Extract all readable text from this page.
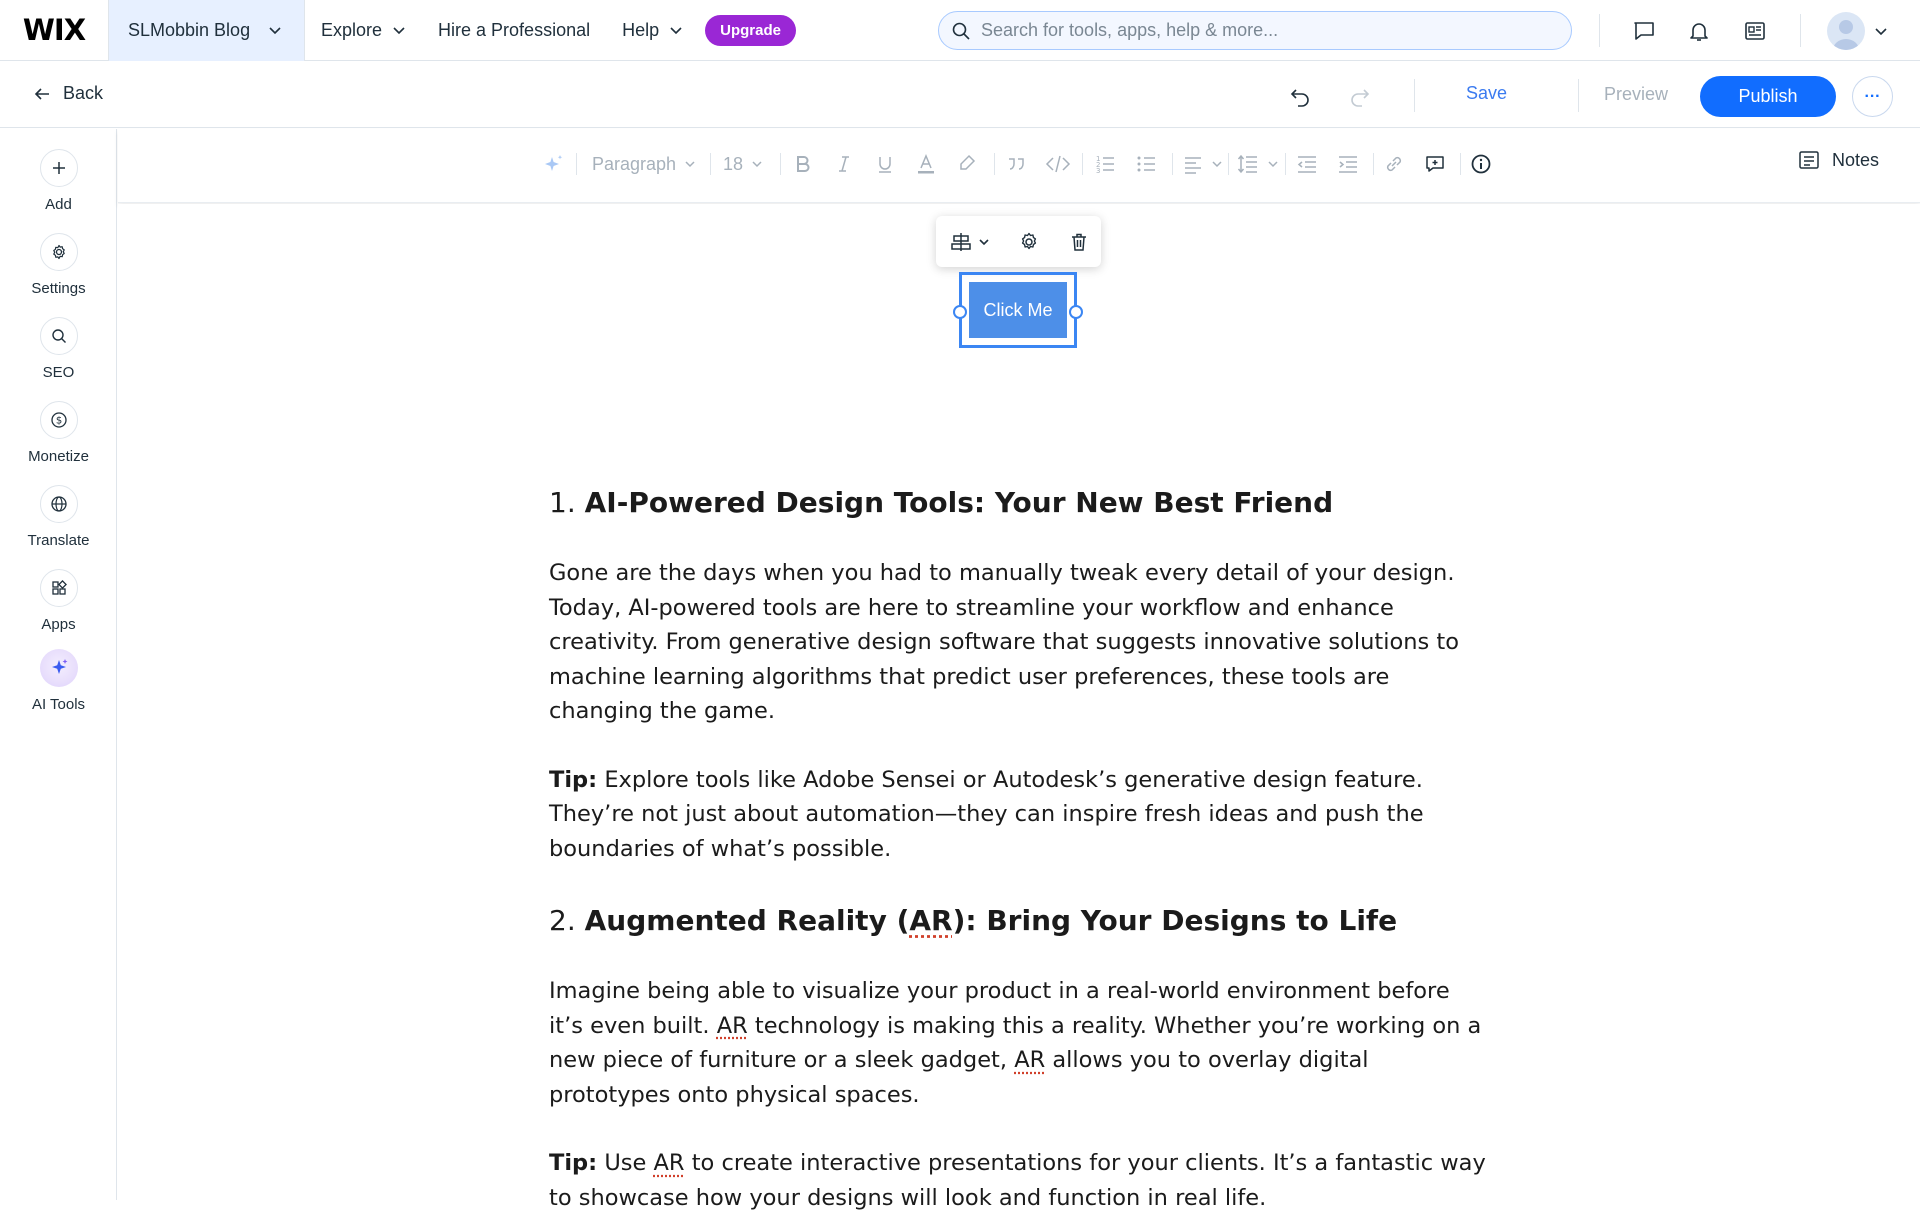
WIX	SLMobbin Blog	Explore	Hire a Professional Help	Upgrade
Search for tools, apps, help & more...
Back	Save	Preview	Publish	···
Add
Settings
SEO
$
Monetize
Translate
Apps
AI Tools
Paragraph	18	1
2
3
Notes
Click Me
1. AI-Powered Design Tools: Your New Best Friend

Gone are the days when you had to manually tweak every detail of your design. Today, AI-powered tools are here to streamline your workflow and enhance creativity. From generative design software that suggests innovative solutions to machine learning algorithms that predict user preferences, these tools are changing the game.

Tip: Explore tools like Adobe Sensei or Autodesk’s generative design feature. They’re not just about automation—they can inspire fresh ideas and push the boundaries of what’s possible.

2. Augmented Reality (AR): Bring Your Designs to Life

Imagine being able to visualize your product in a real-world environment before it’s even built. AR technology is making this a reality. Whether you’re working on a new piece of furniture or a sleek gadget, AR allows you to overlay digital prototypes onto physical spaces.

Tip: Use AR to create interactive presentations for your clients. It’s a fantastic way to showcase how your designs will look and function in real life.
